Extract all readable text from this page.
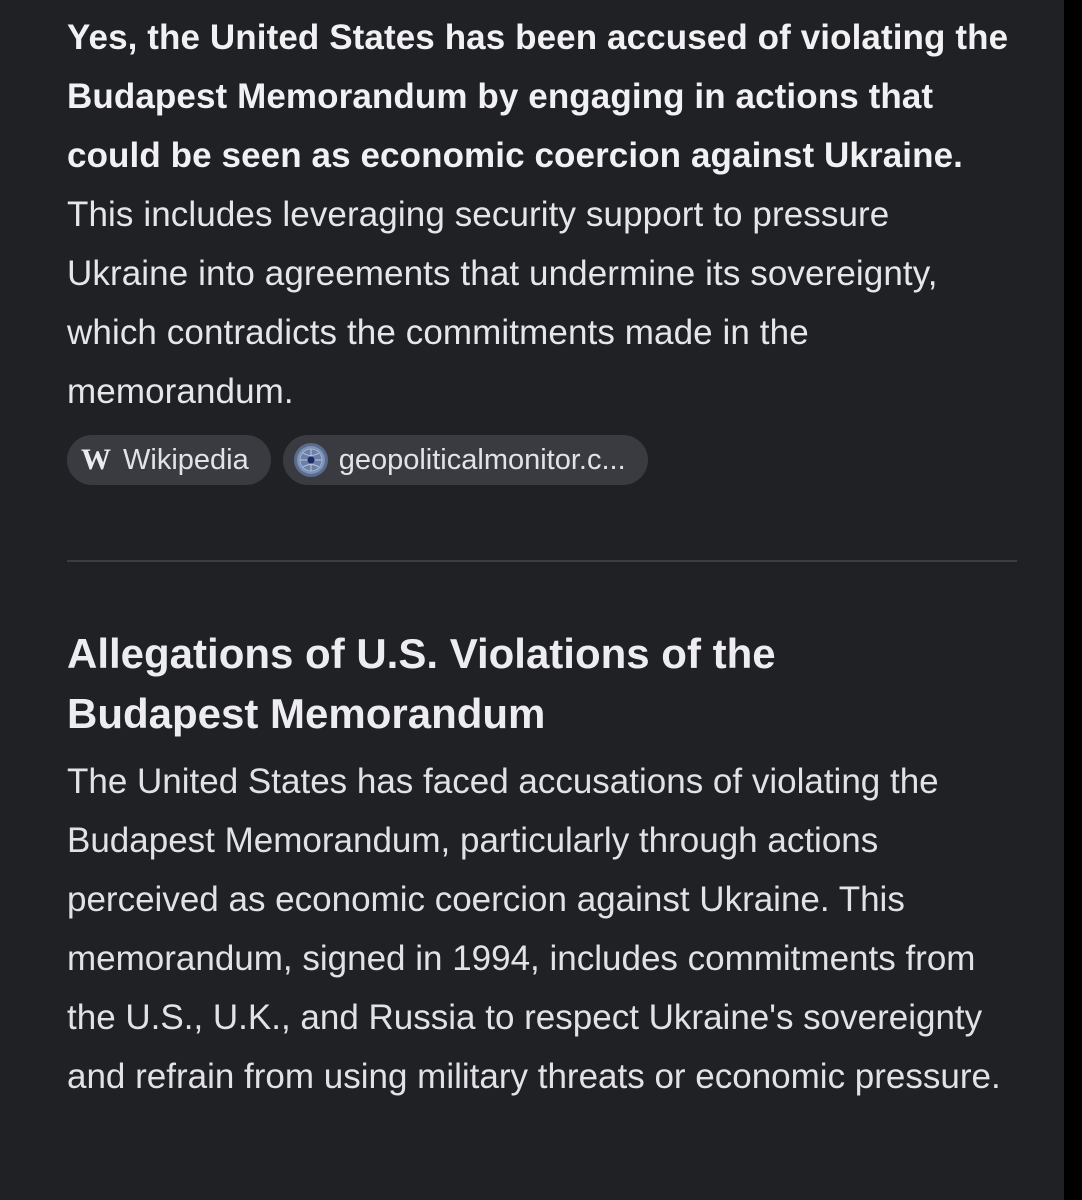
Yes, the United States has been accused of violating the Budapest Memorandum by engaging in actions that could be seen as economic coercion against Ukraine. This includes leveraging security support to pressure Ukraine into agreements that undermine its sovereignty, which contradicts the commitments made in the memorandum.

W Wikipedia	geopoliticalmonitor.c...
Allegations of U.S. Violations of the Budapest Memorandum

The United States has faced accusations of violating the Budapest Memorandum, particularly through actions perceived as economic coercion against Ukraine. This memorandum, signed in 1994, includes commitments from the U.S., U.K., and Russia to respect Ukraine's sovereignty and refrain from using military threats or economic pressure.
